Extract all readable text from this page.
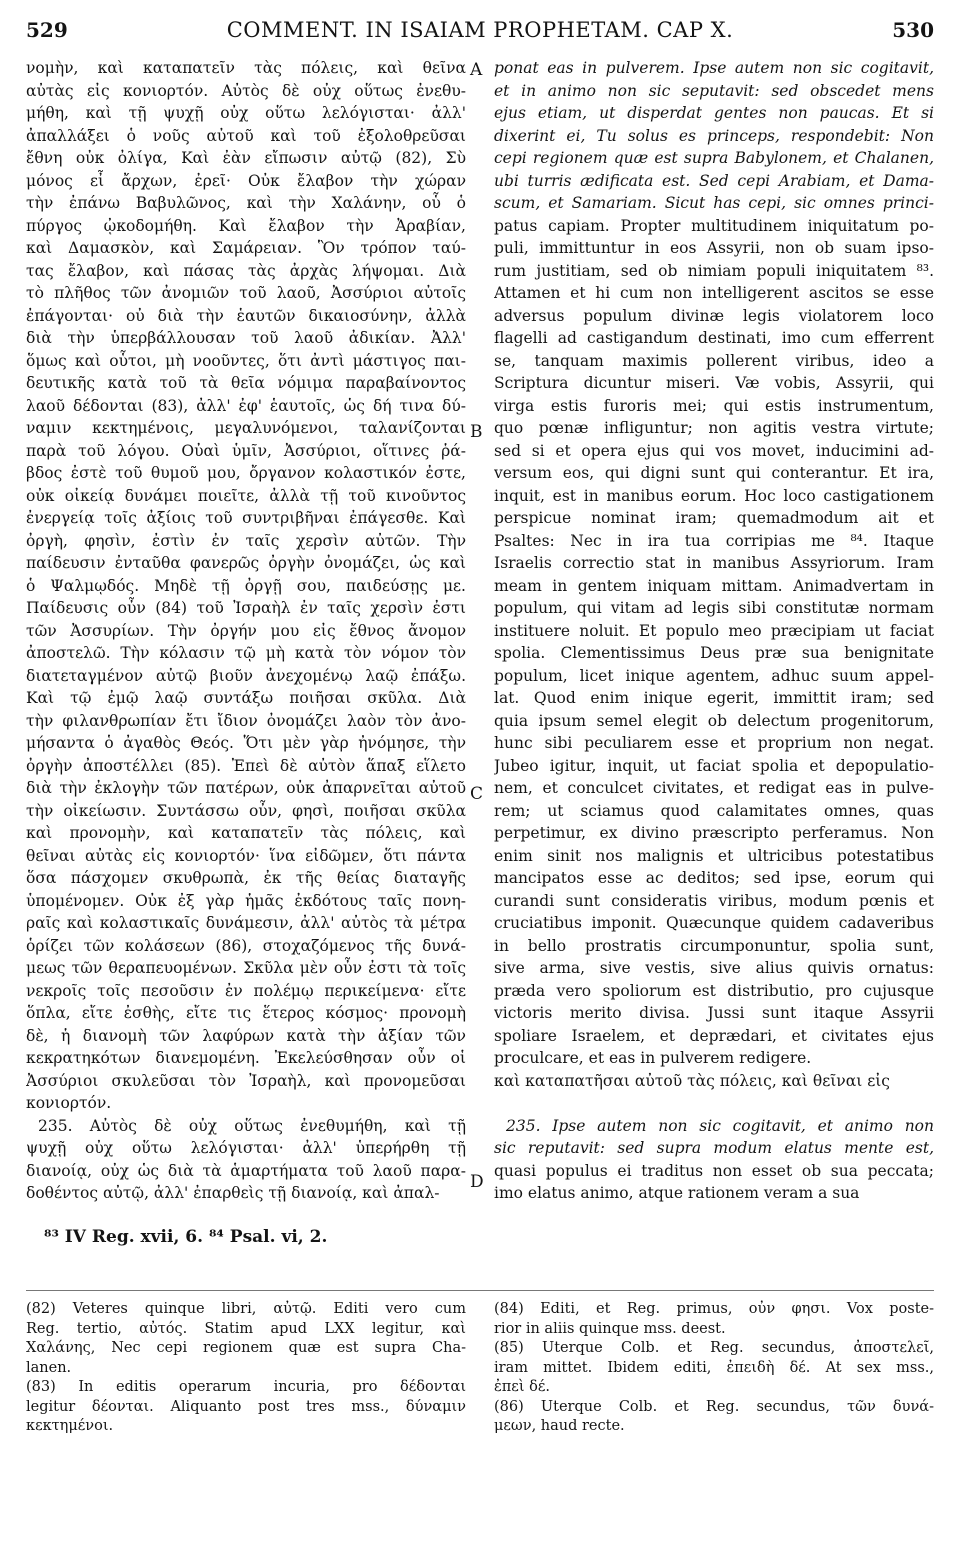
529	COMMENT. IN ISAIAM PROPHETAM. CAP X.	530
νομὴν, καὶ καταπατεῖν τὰς πόλεις, καὶ θεῖνα
αὐτὰς εἰς κονιορτόν. Αὐτὸς δὲ οὐχ οὕτως ἐνεθυ-
μήθη, καὶ τῇ ψυχῇ οὐχ οὕτω λελόγισται· ἀλλ'
ἀπαλλάξει ὁ νοῦς αὐτοῦ καὶ τοῦ ἐξολοθρεῦσαι
ἔθνη οὐκ ὀλίγα, Καὶ ἐὰν εἴπωσιν αὐτῷ (82), Σὺ
μόνος εἶ ἄρχων, ἐρεῖ· Οὐκ ἔλαβον τὴν χώραν
τὴν ἐπάνω Βαβυλῶνος, καὶ τὴν Χαλάνην, οὗ ὁ
πύργος ᾠκοδομήθη. Καὶ ἔλαβον τὴν Ἀραβίαν,
καὶ Δαμασκὸν, καὶ Σαμάρειαν. Ὃν τρόπον ταύ-
τας ἔλαβον, καὶ πάσας τὰς ἀρχὰς λήψομαι. Διὰ
τὸ πλῆθος τῶν ἀνομιῶν τοῦ λαοῦ, Ἀσσύριοι αὐτοῖς
ἐπάγονται· οὐ διὰ τὴν ἑαυτῶν δικαιοσύνην, ἀλλὰ
διὰ τὴν ὑπερβάλλουσαν τοῦ λαοῦ ἀδικίαν. Ἀλλ'
ὅμως καὶ οὗτοι, μὴ νοοῦντες, ὅτι ἀντὶ μάστιγος παι-
δευτικῆς κατὰ τοῦ τὰ θεῖα νόμιμα παραβαίνοντος
λαοῦ δέδονται (83), ἀλλ' ἐφ' ἑαυτοῖς, ὡς δή τινα δύ-
ναμιν κεκτημένοις, μεγαλυνόμενοι, ταλανίζονται
παρὰ τοῦ λόγου. Οὐαὶ ὑμῖν, Ἀσσύριοι, οἵτινες ῥά-
βδος ἐστὲ τοῦ θυμοῦ μου, ὄργανον κολαστικόν ἐστε,
οὐκ οἰκείᾳ δυνάμει ποιεῖτε, ἀλλὰ τῇ τοῦ κινοῦντος
ἐνεργείᾳ τοῖς ἀξίοις τοῦ συντριβῆναι ἐπάγεσθε. Καὶ
ὀργὴ, φησὶν, ἐστὶν ἐν ταῖς χερσὶν αὐτῶν. Τὴν
παίδευσιν ἐνταῦθα φανερῶς ὀργὴν ὀνομάζει, ὡς καὶ
ὁ Ψαλμῳδός. Μηδὲ τῇ ὀργῇ σου, παιδεύσῃς με.
Παίδευσις οὖν (84) τοῦ Ἰσραὴλ ἐν ταῖς χερσὶν ἐστι
τῶν Ἀσσυρίων. Τὴν ὀργήν μου εἰς ἔθνος ἄνομον
ἀποστελῶ. Τὴν κόλασιν τῷ μὴ κατὰ τὸν νόμον τὸν
διατεταγμένον αὐτῷ βιοῦν ἀνεχομένῳ λαῷ ἐπάξω.
Καὶ τῷ ἐμῷ λαῷ συντάξω ποιῆσαι σκῦλα. Διὰ
τὴν φιλανθρωπίαν ἔτι ἴδιον ὀνομάζει λαὸν τὸν ἀνο-
μήσαντα ὁ ἀγαθὸς Θεός. Ὅτι μὲν γὰρ ἠνόμησε, τὴν
ὀργὴν ἀποστέλλει (85). Ἐπεὶ δὲ αὐτὸν ἅπαξ εἵλετο
διὰ τὴν ἐκλογὴν τῶν πατέρων, οὐκ ἀπαρνεῖται αὐτοῦ
τὴν οἰκείωσιν. Συντάσσω οὖν, φησὶ, ποιῆσαι σκῦλα
καὶ προνομὴν, καὶ καταπατεῖν τὰς πόλεις, καὶ
θεῖναι αὐτὰς εἰς κονιορτόν· ἵνα εἰδῶμεν, ὅτι πάντα
ὅσα πάσχομεν σκυθρωπὰ, ἐκ τῆς θείας διαταγῆς
ὑπομένομεν. Οὐκ ἐξ γὰρ ἡμᾶς ἐκδότους ταῖς πονη-
ραῖς καὶ κολαστικαῖς δυνάμεσιν, ἀλλ' αὐτὸς τὰ μέτρα
ὁρίζει τῶν κολάσεων (86), στοχαζόμενος τῆς δυνά-
μεως τῶν θεραπευομένων. Σκῦλα μὲν οὖν ἐστι τὰ τοῖς
νεκροῖς τοῖς πεσοῦσιν ἐν πολέμῳ περικείμενα· εἴτε
ὅπλα, εἴτε ἐσθὴς, εἴτε τις ἕτερος κόσμος· προνομὴ
δὲ, ἡ διανομὴ τῶν λαφύρων κατὰ τὴν ἀξίαν τῶν
κεκρατηκότων διανεμομένη. Ἐκελεύσθησαν οὖν οἱ
Ἀσσύριοι σκυλεῦσαι τὸν Ἰσραὴλ, καὶ προνομεῦσαι
κονιορτόν.
235. Αὐτὸς δὲ οὐχ οὕτως ἐνεθυμήθη, καὶ τῇ
ψυχῇ οὐχ οὕτω λελόγισται· ἀλλ' ὑπερήρθη τῇ
διανοίᾳ, οὐχ ὡς διὰ τὰ ἁμαρτήματα τοῦ λαοῦ παρα-
δοθέντος αὐτῷ, ἀλλ' ἐπαρθεὶς τῇ διανοίᾳ, καὶ ἀπαλ-
ponat eas in pulverem. Ipse autem non sic cogitavit,
et in animo non sic seputavit: sed obscedet mens
ejus etiam, ut disperdat gentes non paucas. Et si
dixerint ei, Tu solus es princeps, respondebit: Non
cepi regionem quæ est supra Babylonem, et Chalanen,
ubi turris ædificata est. Sed cepi Arabiam, et Dama-
scum, et Samariam. Sicut has cepi, sic omnes princi-
patus capiam. Propter multitudinem iniquitatum po-
puli, immittuntur in eos Assyrii, non ob suam ipso-
rum justitiam, sed ob nimiam populi iniquitatem ⁸³.
Attamen et hi cum non intelligerent ascitos se esse
adversus populum divinæ legis violatorem loco
flagelli ad castigandum destinati, imo cum efferrent
se, tanquam maximis pollerent viribus, ideo a
Scriptura dicuntur miseri. Væ vobis, Assyrii, qui
virga estis furoris mei; qui estis instrumentum,
quo pœnæ infliguntur; non agitis vestra virtute;
sed si et opera ejus qui vos movet, inducimini ad-
versum eos, qui digni sunt qui conterantur. Et ira,
inquit, est in manibus eorum. Hoc loco castigationem
perspicue nominat iram; quemadmodum ait et
Psaltes: Nec in ira tua corripias me ⁸⁴. Itaque
Israelis correctio stat in manibus Assyriorum. Iram
meam in gentem iniquam mittam. Animadvertam in
populum, qui vitam ad legis sibi constitutæ normam
instituere noluit. Et populo meo præcipiam ut faciat
spolia. Clementissimus Deus præ sua benignitate
populum, licet inique agentem, adhuc suum appel-
lat. Quod enim inique egerit, immittit iram; sed
quia ipsum semel elegit ob delectum progenitorum,
hunc sibi peculiarem esse et proprium non negat.
Jubeo igitur, inquit, ut faciat spolia et depopulatio-
nem, et conculcet civitates, et redigat eas in pulve-
rem; ut sciamus quod calamitates omnes, quas
perpetimur, ex divino præscripto perferamus. Non
enim sinit nos malignis et ultricibus potestatibus
mancipatos esse ac deditos; sed ipse, eorum qui
curandi sunt consideratis viribus, modum pœnis et
cruciatibus imponit. Quæcunque quidem cadaveribus
in bello prostratis circumponuntur, spolia sunt,
sive arma, sive vestis, sive alius quivis ornatus:
præda vero spoliorum est distributio, pro cujusque
victoris merito divisa. Jussi sunt itaque Assyrii
spoliare Israelem, et deprædari, et civitates ejus
proculcare, et eas in pulverem redigere.
καὶ καταπατῆσαι αὐτοῦ τὰς πόλεις, καὶ θεῖναι εἰς
235. Ipse autem non sic cogitavit, et animo non
sic reputavit: sed supra modum elatus mente est,
quasi populus ei traditus non esset ob sua peccata;
imo elatus animo, atque rationem veram a sua
A
B
C
D
⁸³ IV Reg. xvii, 6. ⁸⁴ Psal. vi, 2.
(82) Veteres quinque libri, αὐτῷ. Editi vero cum
Reg. tertio, αὐτός. Statim apud LXX legitur, καὶ
Χαλάνης, Nec cepi regionem quæ est supra Cha-
lanen.
(83) In editis operarum incuria, pro δέδονται
legitur δέονται. Aliquanto post tres mss., δύναμιν
κεκτημένοι.
(84) Editi, et Reg. primus, οὖν φησι. Vox poste-
rior in aliis quinque mss. deest.
(85) Uterque Colb. et Reg. secundus, ἀποστελεῖ,
iram mittet. Ibidem editi, ἐπειδὴ δέ. At sex mss.,
ἐπεὶ δέ.
(86) Uterque Colb. et Reg. secundus, τῶν δυνά-
μεων, haud recte.
